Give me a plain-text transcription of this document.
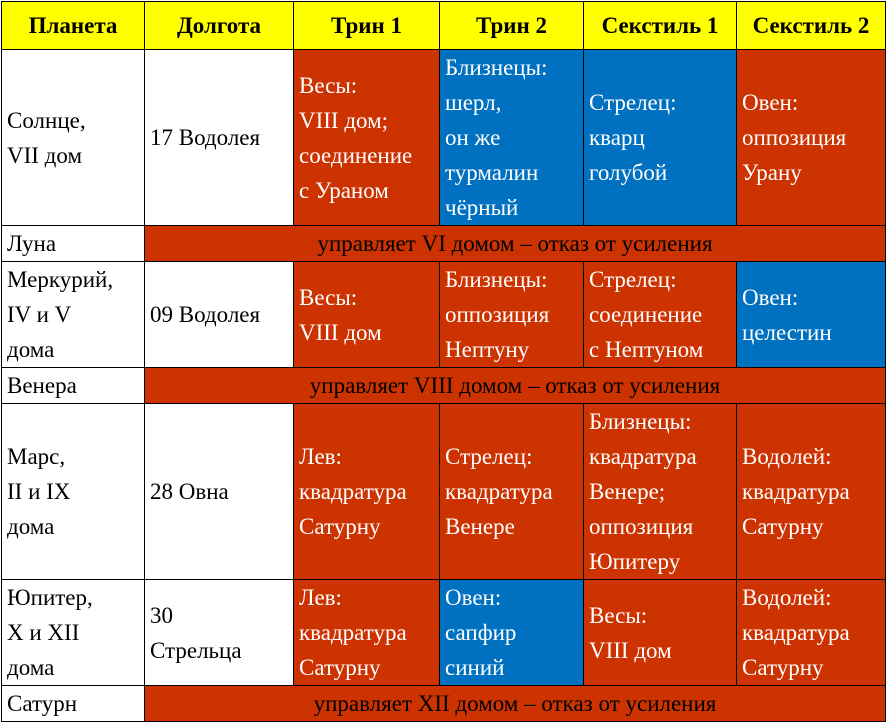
Планета	Долгота	Трин 1	Трин 2	Секстиль 1	Секстиль 2

Солнце,
VII дом	17 Водолея	Весы:
VIII дом;
соединение
с Ураном	Близнецы:
шерл,
он же
турмалин
чёрный	Стрелец:
кварц
голубой	Овен:
оппозиция
Урану

Луна	управляет VI домом – отказ от усиления				

Меркурий,
IV и V
дома	09 Водолея	Весы:
VIII дом	Близнецы:
оппозиция
Нептуну	Стрелец:
соединение
с Нептуном	Овен:
целестин

Венера	управляет VIII домом – отказ от усиления				

Марс,
II и IX
дома	28 Овна	Лев:
квадратура
Сатурну	Стрелец:
квадратура
Венере	Близнецы:
квадратура
Венере;
оппозиция
Юпитеру	Водолей:
квадратура
Сатурну

Юпитер,
X и XII
дома	30
Стрельца	Лев:
квадратура
Сатурну	Овен:
сапфир
синий	Весы:
VIII дом	Водолей:
квадратура
Сатурну

Сатурн	управляет XII домом – отказ от усиления				
